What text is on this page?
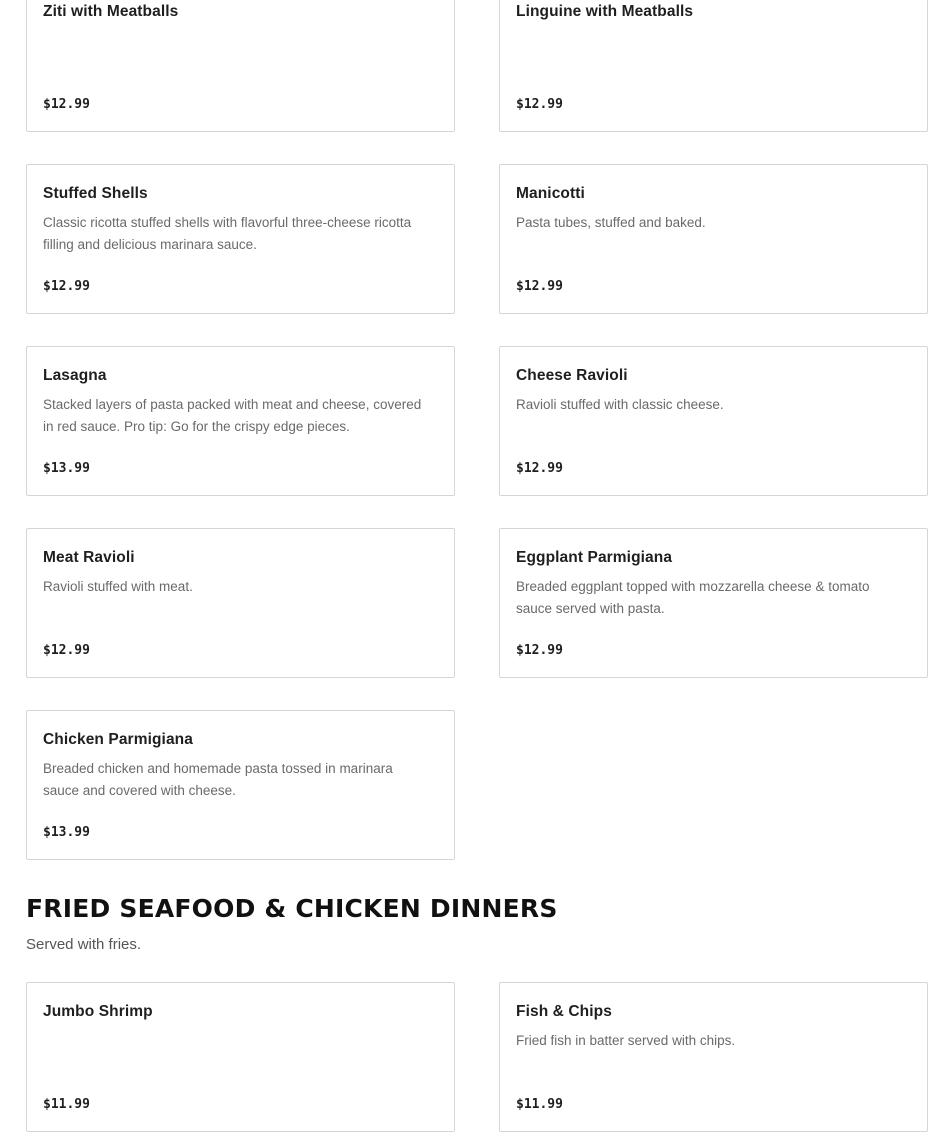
Ziti with Meatballs
$12.99
Linguine with Meatballs
$12.99
Stuffed Shells
Classic ricotta stuffed shells with flavorful three-cheese ricotta filling and delicious marinara sauce.
$12.99
Manicotti
Pasta tubes, stuffed and baked.
$12.99
Lasagna
Stacked layers of pasta packed with meat and cheese, covered in red sauce. Pro tip: Go for the crispy edge pieces.
$13.99
Cheese Ravioli
Ravioli stuffed with classic cheese.
$12.99
Meat Ravioli
Ravioli stuffed with meat.
$12.99
Eggplant Parmigiana
Breaded eggplant topped with mozzarella cheese & tomato sauce served with pasta.
$12.99
Chicken Parmigiana
Breaded chicken and homemade pasta tossed in marinara sauce and covered with cheese.
$13.99
FRIED SEAFOOD & CHICKEN DINNERS
Served with fries.
Jumbo Shrimp
$11.99
Fish & Chips
Fried fish in batter served with chips.
$11.99
